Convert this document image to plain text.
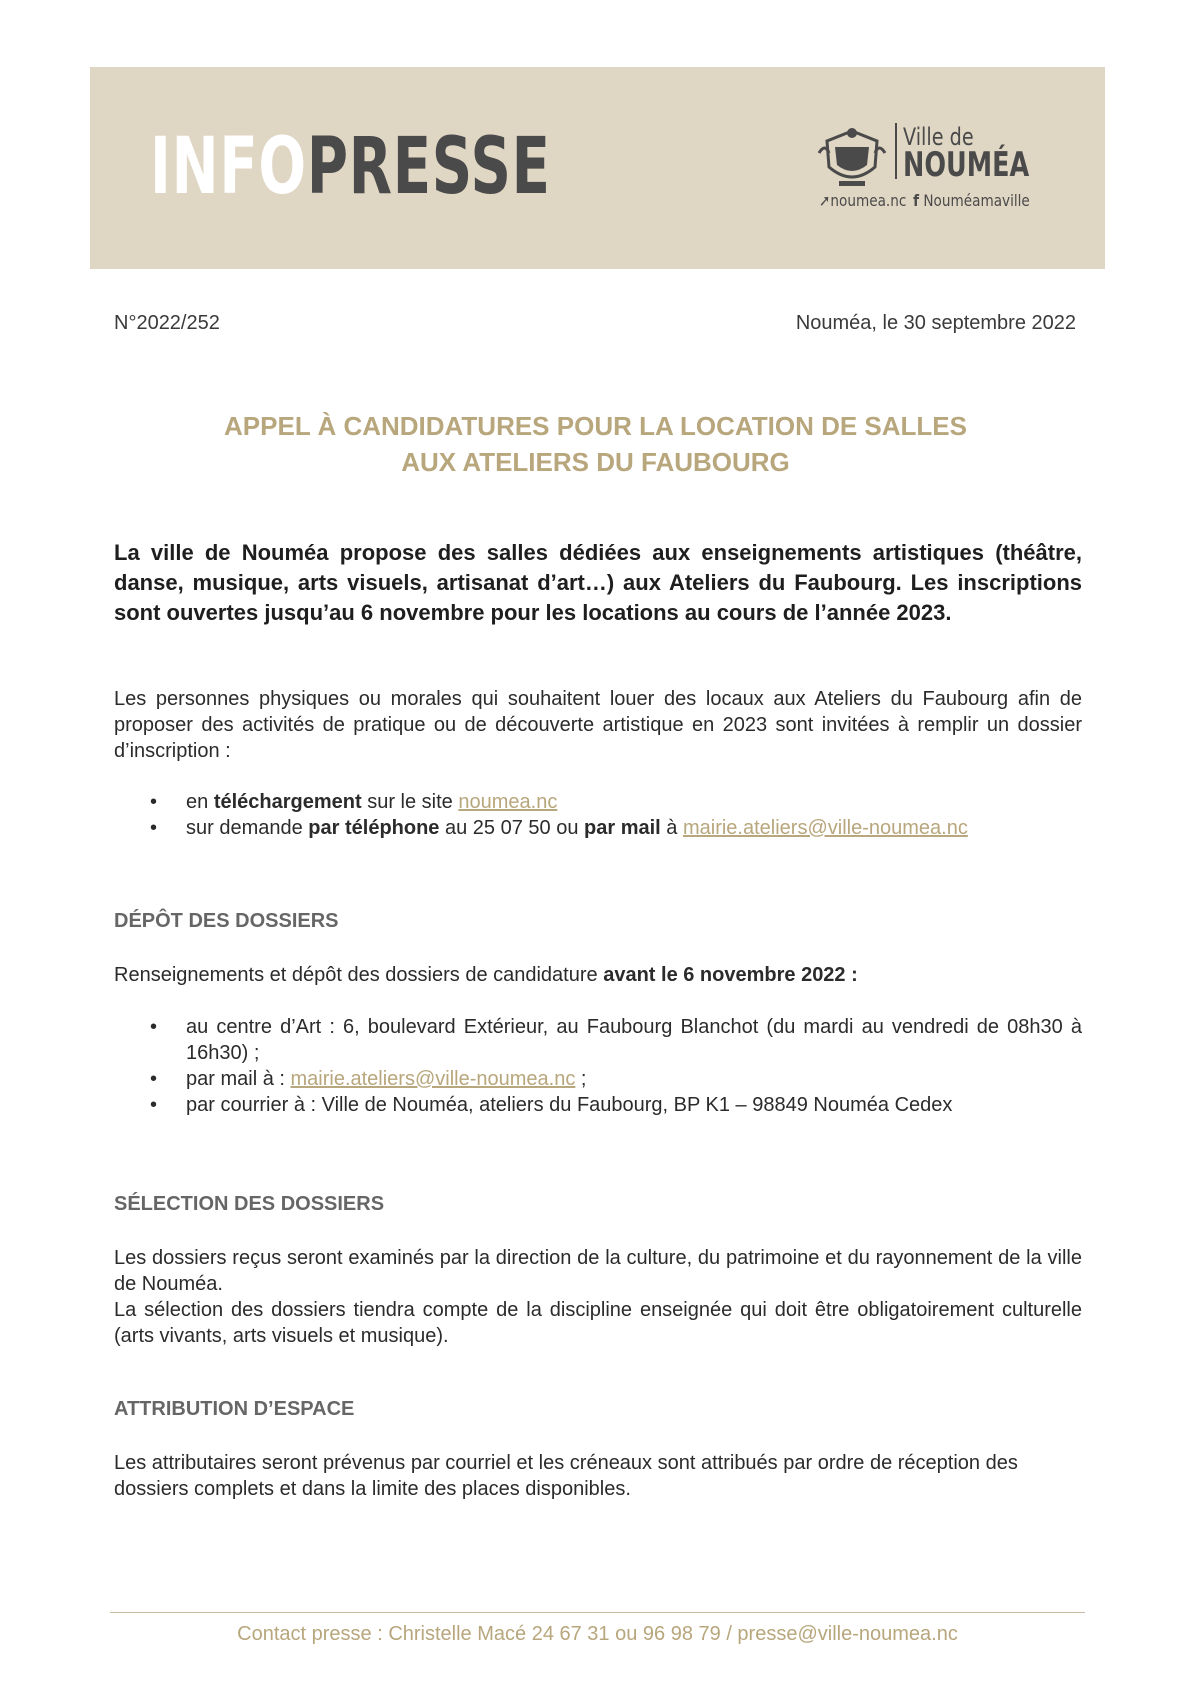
INFOPRESSE	Ville de
NOUMÉA
➚noumea.nc f Nouméamaville
N°2022/252	Nouméa, le 30 septembre 2022
APPEL À CANDIDATURES POUR LA LOCATION DE SALLES
AUX ATELIERS DU FAUBOURG
La ville de Nouméa propose des salles dédiées aux enseignements artistiques (théâtre, danse, musique, arts visuels, artisanat d’art…) aux Ateliers du Faubourg. Les inscriptions sont ouvertes jusqu’au 6 novembre pour les locations au cours de l’année 2023.
Les personnes physiques ou morales qui souhaitent louer des locaux aux Ateliers du Faubourg afin de proposer des activités de pratique ou de découverte artistique en 2023 sont invitées à remplir un dossier d’inscription :
• en téléchargement sur le site noumea.nc
• sur demande par téléphone au 25 07 50 ou par mail à mairie.ateliers@ville-noumea.nc
DÉPÔT DES DOSSIERS
Renseignements et dépôt des dossiers de candidature avant le 6 novembre 2022 :
• au centre d’Art : 6, boulevard Extérieur, au Faubourg Blanchot (du mardi au vendredi de 08h30 à 16h30) ;
• par mail à : mairie.ateliers@ville-noumea.nc ;
• par courrier à : Ville de Nouméa, ateliers du Faubourg, BP K1 – 98849 Nouméa Cedex
SÉLECTION DES DOSSIERS
Les dossiers reçus seront examinés par la direction de la culture, du patrimoine et du rayonnement de la ville de Nouméa.
La sélection des dossiers tiendra compte de la discipline enseignée qui doit être obligatoirement culturelle (arts vivants, arts visuels et musique).
ATTRIBUTION D’ESPACE
Les attributaires seront prévenus par courriel et les créneaux sont attribués par ordre de réception des dossiers complets et dans la limite des places disponibles.
Contact presse : Christelle Macé 24 67 31 ou 96 98 79 / presse@ville-noumea.nc
